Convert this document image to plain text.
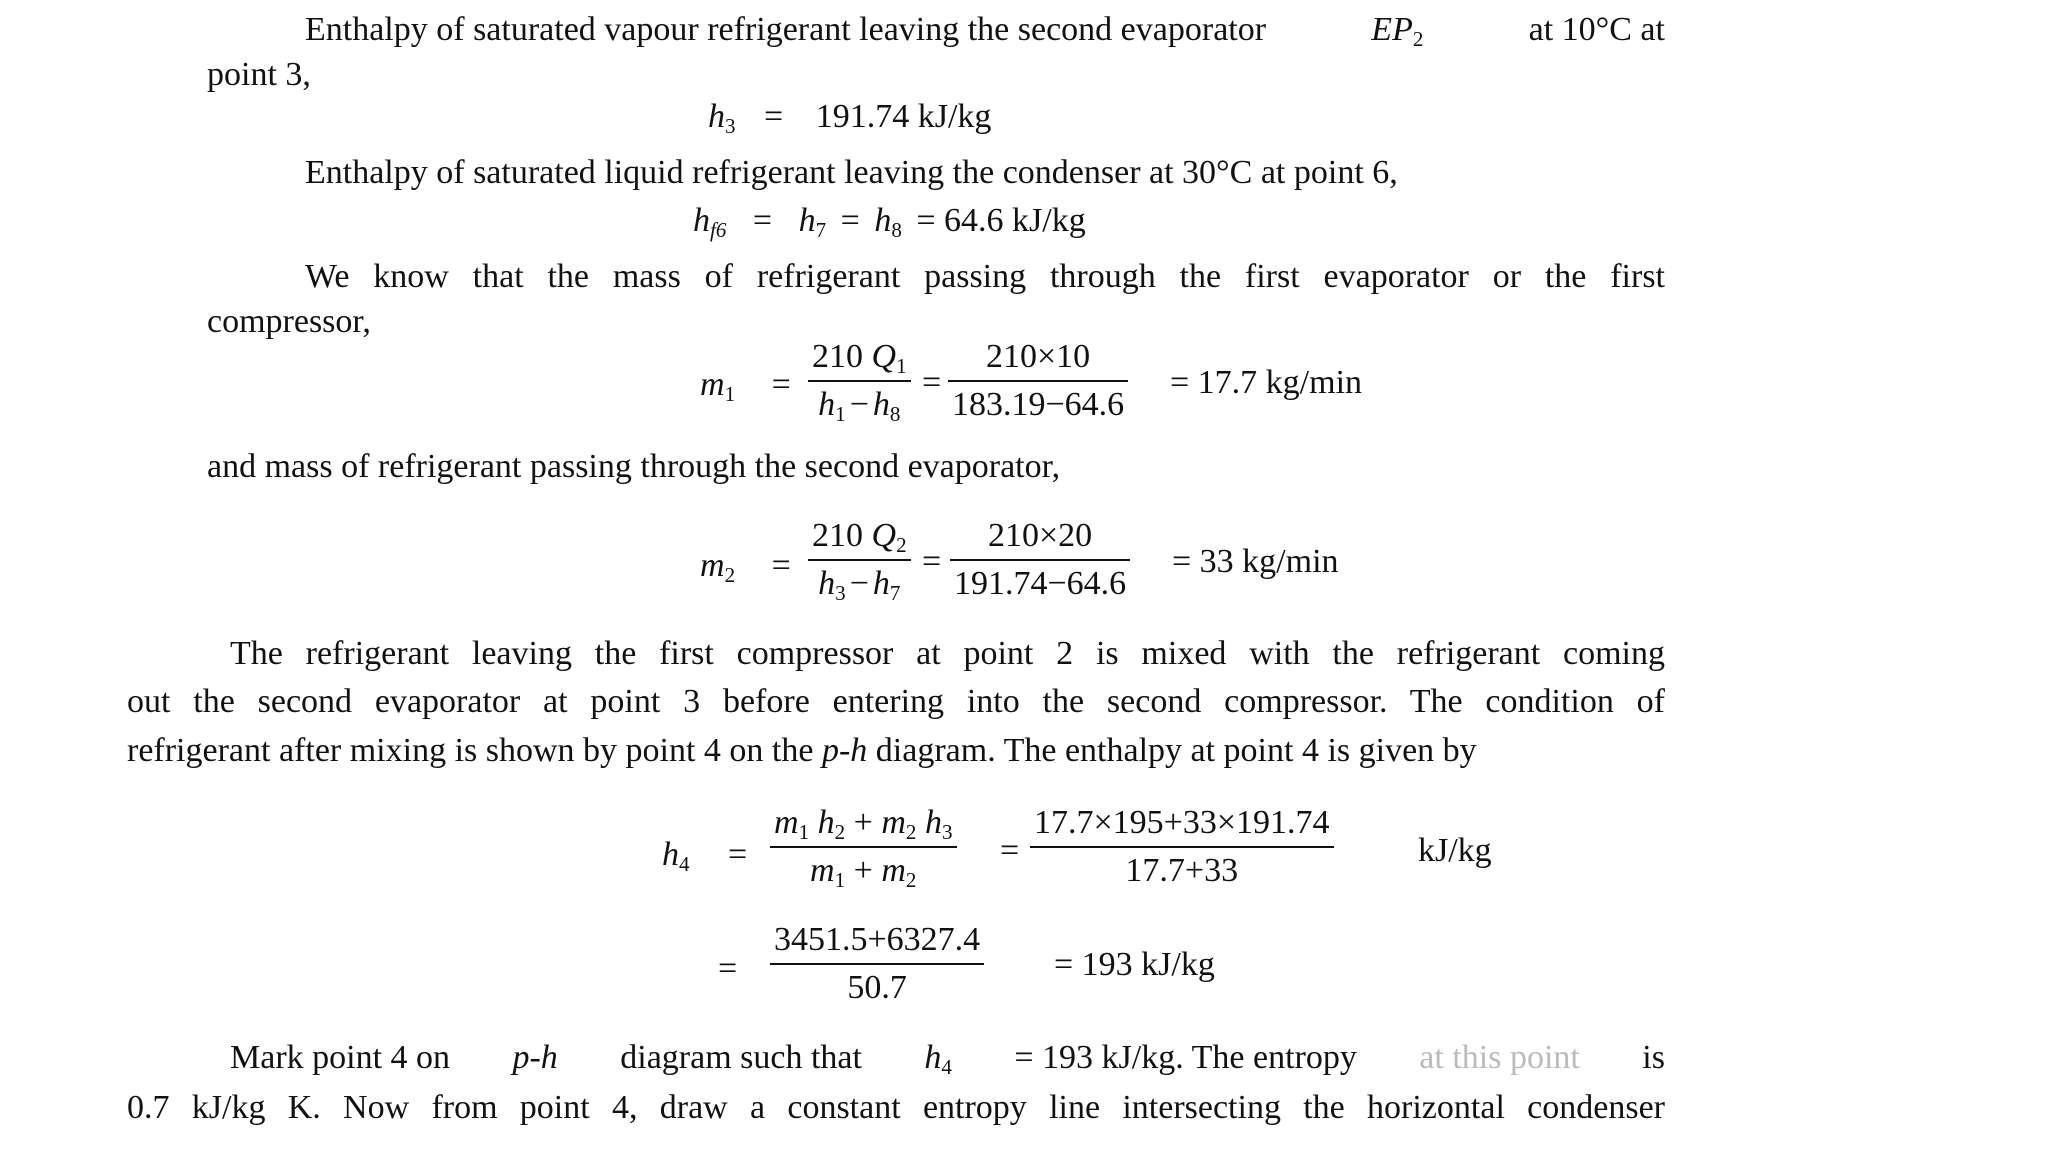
Enthalpy of saturated vapour refrigerant leaving the second evaporator	$EP_2$	at 10°C at
point 3,
$h_3 = 191.74$ kJ/kg
Enthalpy of saturated liquid refrigerant leaving the condenser at 30°C at point 6,
$h_{f6} = h_7 = h_8 = 64.6$ kJ/kg
We know that the mass of refrigerant passing through the first evaporator or the first
compressor,
$m_1$ =
210 $Q_1$
$h_1 - h_8$
=
210×10
183.19−64.6
= 17.7 kg/min
and mass of refrigerant passing through the second evaporator,
$m_2$ =
210 $Q_2$
$h_3 - h_7$
=
210×20
191.74−64.6
= 33 kg/min
The refrigerant leaving the first compressor at point 2 is mixed with the refrigerant coming
out the second evaporator at point 3 before entering into the second compressor. The condition of
refrigerant after mixing is shown by point 4 on the p-h diagram. The enthalpy at point 4 is given by
$h_4$ =
$m_1$ $h_2 + m_2$ $h_3$
$m_1 + m_2$
=
17.7×195+33×191.74
17.7+33
kJ/kg
=
3451.5+6327.4
50.7
= 193 kJ/kg
Mark point 4 on p-h diagram such that $h_4 = 193$ kJ/kg. The entropy at this point is
0.7 kJ/kg K. Now from point 4, draw a constant entropy line intersecting the horizontal condenser
